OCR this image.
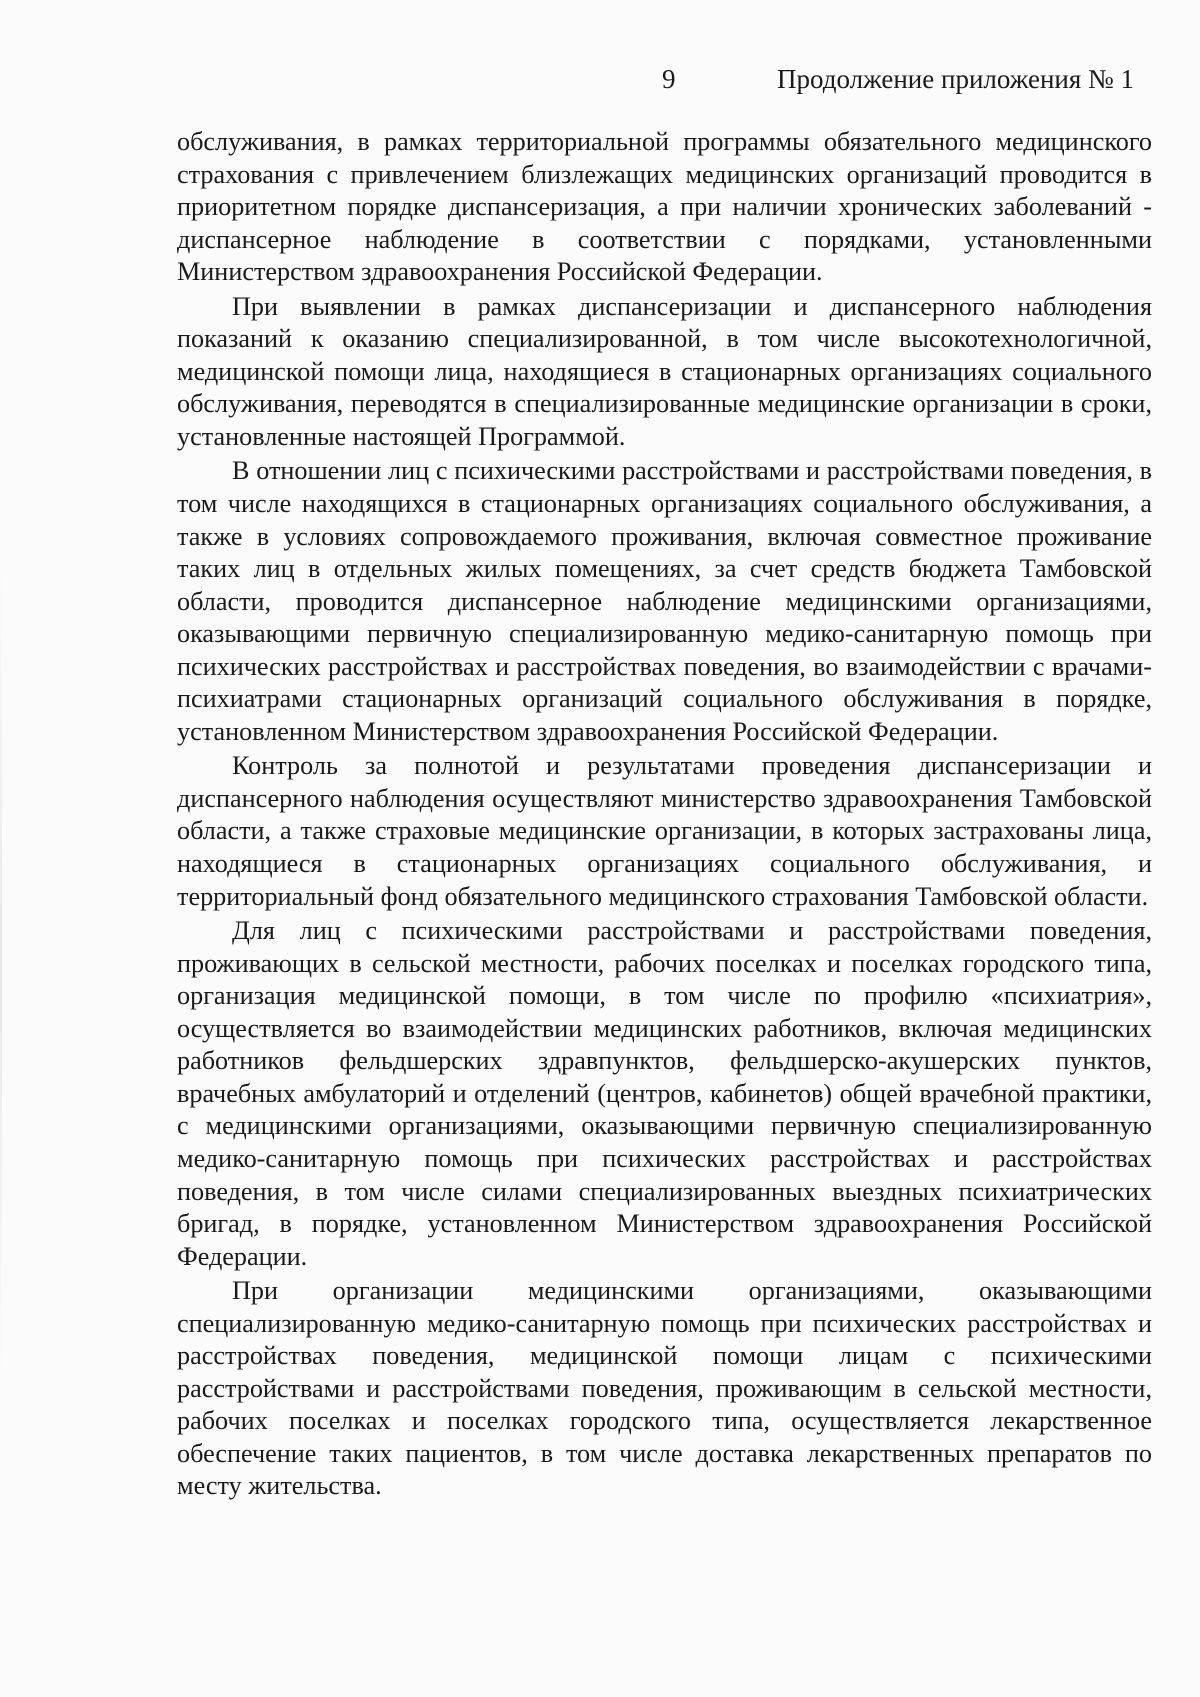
9	Продолжение приложения № 1

обслуживания, в рамках территориальной программы обязательного медицинского страхования с привлечением близлежащих медицинских организаций проводится в приоритетном порядке диспансеризация, а при наличии хронических заболеваний - диспансерное наблюдение в соответствии с порядками, установленными Министерством здравоохранения Российской Федерации.

При выявлении в рамках диспансеризации и диспансерного наблюдения показаний к оказанию специализированной, в том числе высокотехнологичной, медицинской помощи лица, находящиеся в стационарных организациях социального обслуживания, переводятся в специализированные медицинские организации в сроки, установленные настоящей Программой.

В отношении лиц с психическими расстройствами и расстройствами поведения, в том числе находящихся в стационарных организациях социального обслуживания, а также в условиях сопровождаемого проживания, включая совместное проживание таких лиц в отдельных жилых помещениях, за счет средств бюджета Тамбовской области, проводится диспансерное наблюдение медицинскими организациями, оказывающими первичную специализированную медико-санитарную помощь при психических расстройствах и расстройствах поведения, во взаимодействии с врачами-психиатрами стационарных организаций социального обслуживания в порядке, установленном Министерством здравоохранения Российской Федерации.

Контроль за полнотой и результатами проведения диспансеризации и диспансерного наблюдения осуществляют министерство здравоохранения Тамбовской области, а также страховые медицинские организации, в которых застрахованы лица, находящиеся в стационарных организациях социального обслуживания, и территориальный фонд обязательного медицинского страхования Тамбовской области.

Для лиц с психическими расстройствами и расстройствами поведения, проживающих в сельской местности, рабочих поселках и поселках городского типа, организация медицинской помощи, в том числе по профилю «психиатрия», осуществляется во взаимодействии медицинских работников, включая медицинских работников фельдшерских здравпунктов, фельдшерско-акушерских пунктов, врачебных амбулаторий и отделений (центров, кабинетов) общей врачебной практики, с медицинскими организациями, оказывающими первичную специализированную медико-санитарную помощь при психических расстройствах и расстройствах поведения, в том числе силами специализированных выездных психиатрических бригад, в порядке, установленном Министерством здравоохранения Российской Федерации.

При организации медицинскими организациями, оказывающими специализированную медико-санитарную помощь при психических расстройствах и расстройствах поведения, медицинской помощи лицам с психическими расстройствами и расстройствами поведения, проживающим в сельской местности, рабочих поселках и поселках городского типа, осуществляется лекарственное обеспечение таких пациентов, в том числе доставка лекарственных препаратов по месту жительства.
